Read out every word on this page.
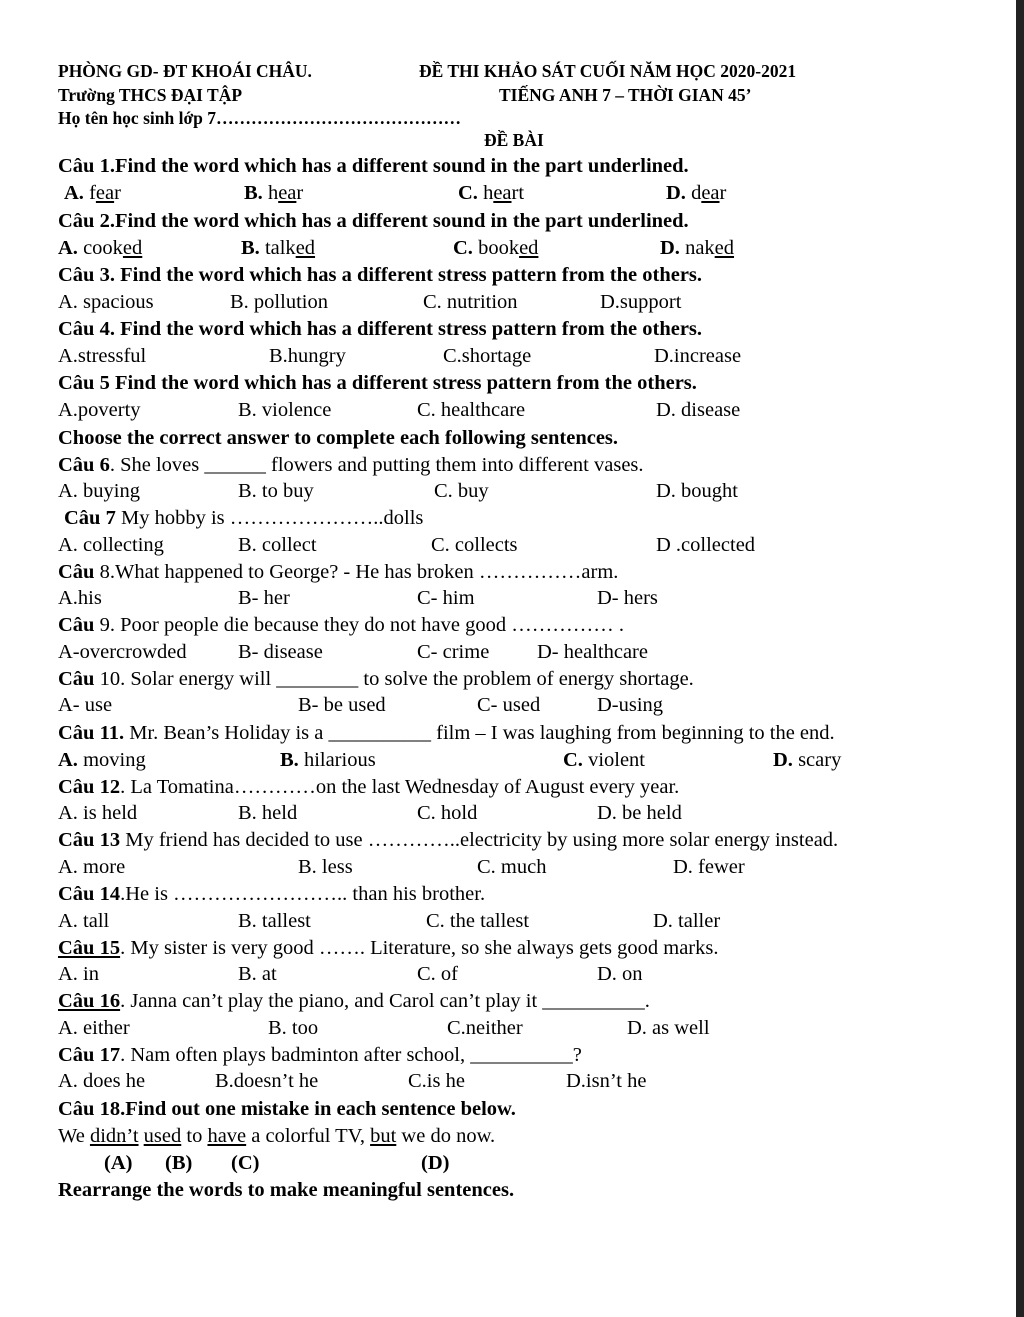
PHÒNG GD- ĐT KHOÁI CHÂU.	ĐỀ THI KHẢO SÁT CUỐI NĂM HỌC 2020-2021
Trường THCS ĐẠI TẬP	TIẾNG ANH 7 – THỜI GIAN 45’
Họ tên học sinh lớp 7……………………………………
ĐỀ BÀI
Câu 1.Find the word which has a different sound in the part underlined.
A. fear	B. hear	C. heart	D. dear
Câu 2.Find the word which has a different sound in the part underlined.
A. cooked	B. talked	C. booked	D. naked
Câu 3. Find the word which has a different stress pattern from the others.
A. spacious	B. pollution	C. nutrition	D.support
Câu 4. Find the word which has a different stress pattern from the others.
A.stressful	B.hungry	C.shortage	D.increase
Câu 5 Find the word which has a different stress pattern from the others.
A.poverty	B. violence	C. healthcare	D. disease
Choose the correct answer to complete each following sentences.
Câu 6. She loves ______ flowers and putting them into different vases.
A. buying	B. to buy	C. buy	D. bought
Câu 7 My hobby is …………………..dolls
A. collecting	B. collect	C. collects	D .collected
Câu 8.What happened to George? - He has broken ……………arm.
A.his	B- her	C- him	D- hers
Câu 9. Poor people die because they do not have good …………… .
A-overcrowded	B- disease	C- crime D- healthcare
Câu 10. Solar energy will ________ to solve the problem of energy shortage.
A- use	B- be used	C- used	D-using
Câu 11. Mr. Bean’s Holiday is a __________ film – I was laughing from beginning to the end.
A. moving	B. hilarious	C. violent	D. scary
Câu 12. La Tomatina…………on the last Wednesday of August every year.
A. is held	B. held	C. hold	D. be held
Câu 13 My friend has decided to use …………..electricity by using more solar energy instead.
A. more	B. less	C. much	D. fewer
Câu 14.He is …………………….. than his brother.
A. tall	B. tallest	C. the tallest	D. taller
Câu 15. My sister is very good ……. Literature, so she always gets good marks.
A. in	B. at	C. of	D. on
Câu 16. Janna can’t play the piano, and Carol can’t play it __________.
A. either	B. too	C.neither	D. as well
Câu 17. Nam often plays badminton after school, __________?
A. does he	B.doesn’t he	C.is he	D.isn’t he
Câu 18.Find out one mistake in each sentence below.
We didn’t used to have a colorful TV, but we do now.
(A) (B) (C)	(D)
Rearrange the words to make meaningful sentences.
